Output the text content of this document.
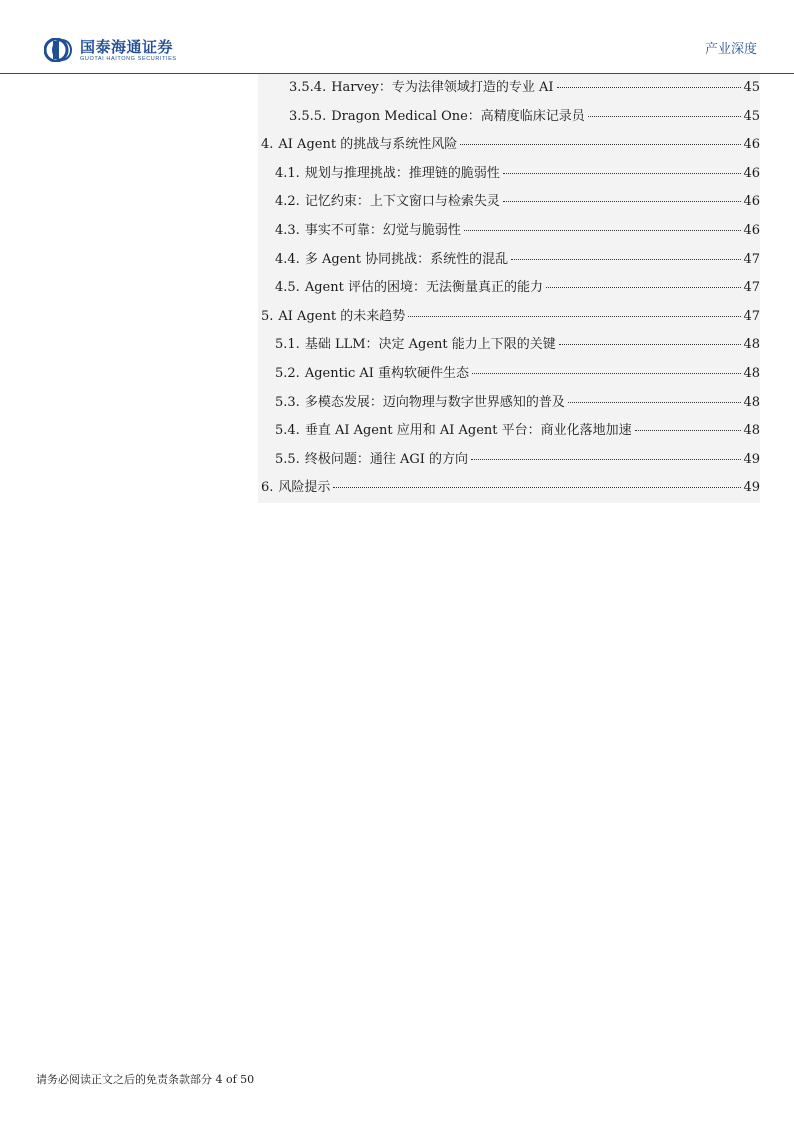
国泰海通证券
GUOTAI HAITONG SECURITIES
产业深度
3.5.4. Harvey：专为法律领域打造的专业 AI	45
3.5.5. Dragon Medical One：高精度临床记录员	45
4. AI Agent 的挑战与系统性风险	46
4.1. 规划与推理挑战：推理链的脆弱性	46
4.2. 记忆约束：上下文窗口与检索失灵	46
4.3. 事实不可靠：幻觉与脆弱性	46
4.4. 多 Agent 协同挑战：系统性的混乱	47
4.5. Agent 评估的困境：无法衡量真正的能力	47
5. AI Agent 的未来趋势	47
5.1. 基础 LLM：决定 Agent 能力上下限的关键	48
5.2. Agentic AI 重构软硬件生态	48
5.3. 多模态发展：迈向物理与数字世界感知的普及	48
5.4. 垂直 AI Agent 应用和 AI Agent 平台：商业化落地加速	48
5.5. 终极问题：通往 AGI 的方向	49
6. 风险提示	49
请务必阅读正文之后的免责条款部分 4 of 50
